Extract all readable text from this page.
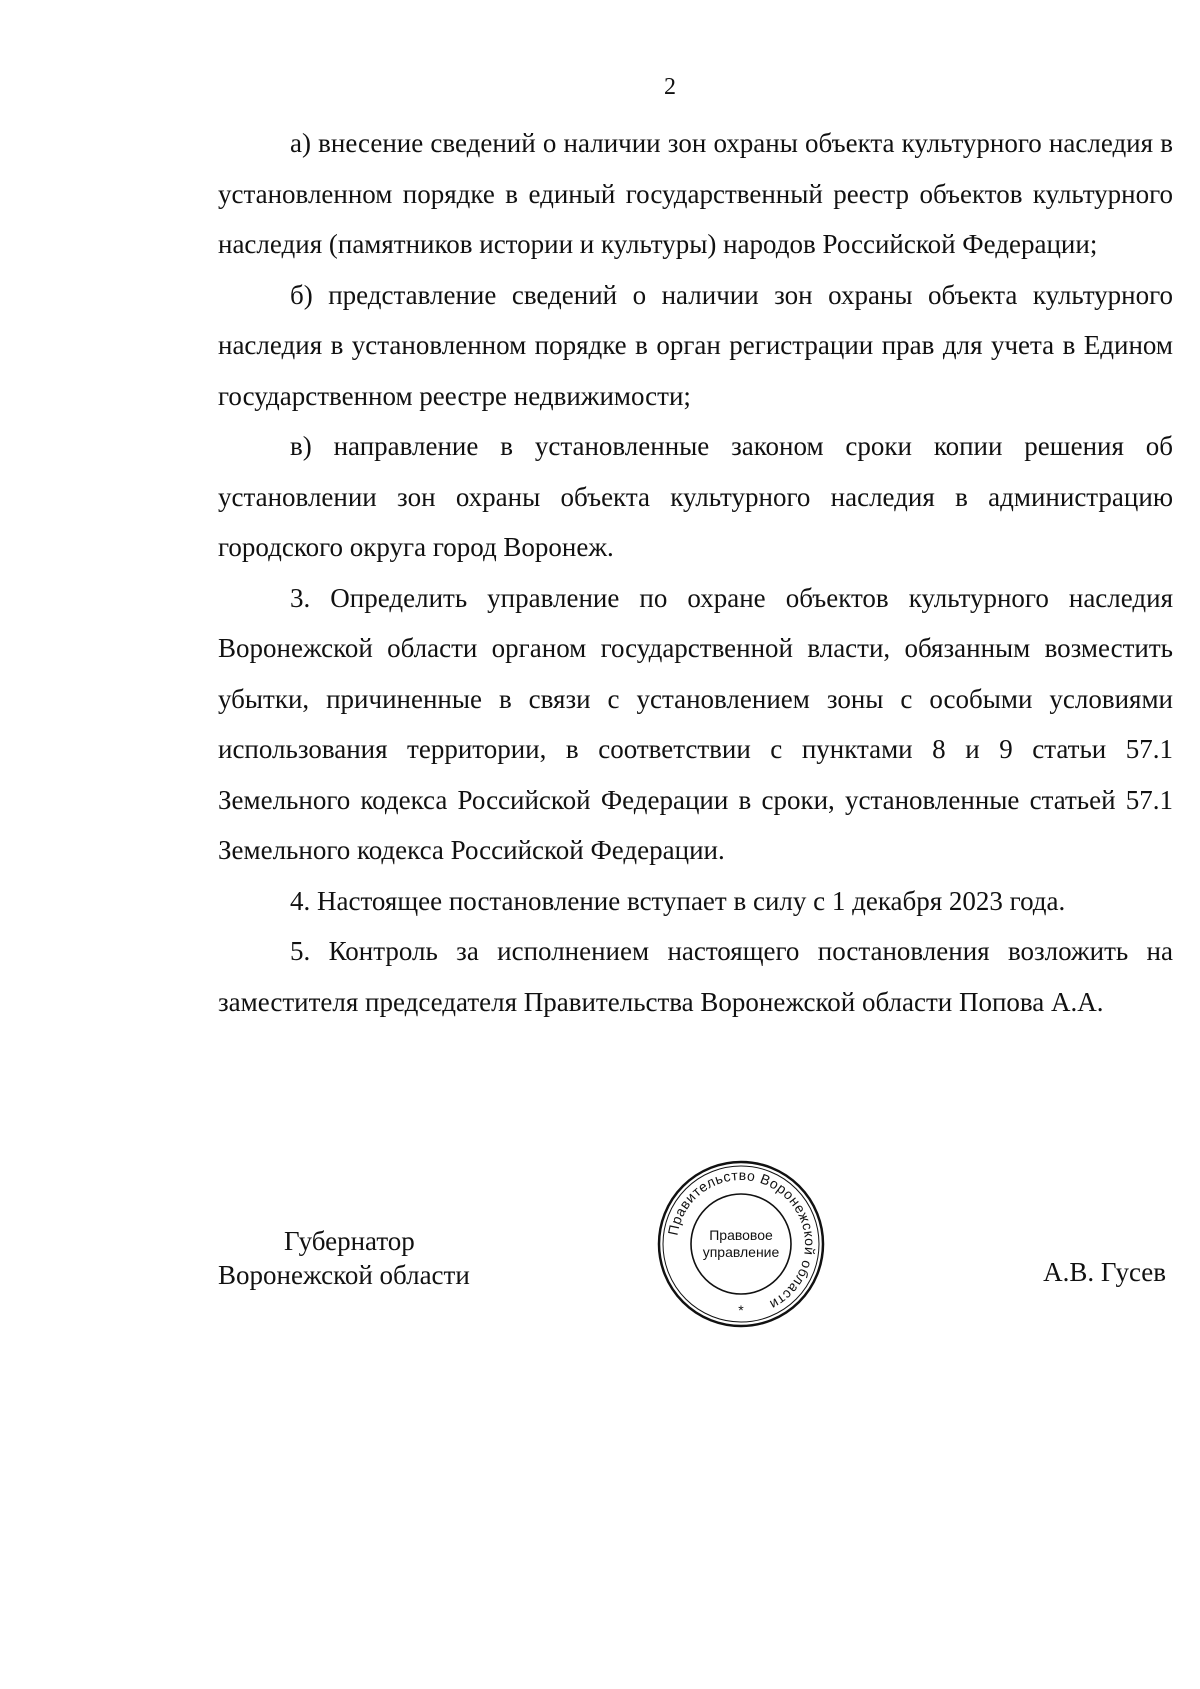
2

а) внесение сведений о наличии зон охраны объекта культурного наследия в установленном порядке в единый государственный реестр объектов культурного наследия (памятников истории и культуры) народов Российской Федерации;

б) представление сведений о наличии зон охраны объекта культурного наследия в установленном порядке в орган регистрации прав для учета в Едином государственном реестре недвижимости;

в) направление в установленные законом сроки копии решения об установлении зон охраны объекта культурного наследия в администрацию городского округа город Воронеж.

3. Определить управление по охране объектов культурного наследия Воронежской области органом государственной власти, обязанным возместить убытки, причиненные в связи с установлением зоны с особыми условиями использования территории, в соответствии с пунктами 8 и 9 статьи 57.1 Земельного кодекса Российской Федерации в сроки, установленные статьей 57.1 Земельного кодекса Российской Федерации.

4. Настоящее постановление вступает в силу с 1 декабря 2023 года.

5. Контроль за исполнением настоящего постановления возложить на заместителя председателя Правительства Воронежской области Попова А.А.

Губернатор
Воронежской области
Правительство Воронежской области
Правовое
управление
*
А.В. Гусев
